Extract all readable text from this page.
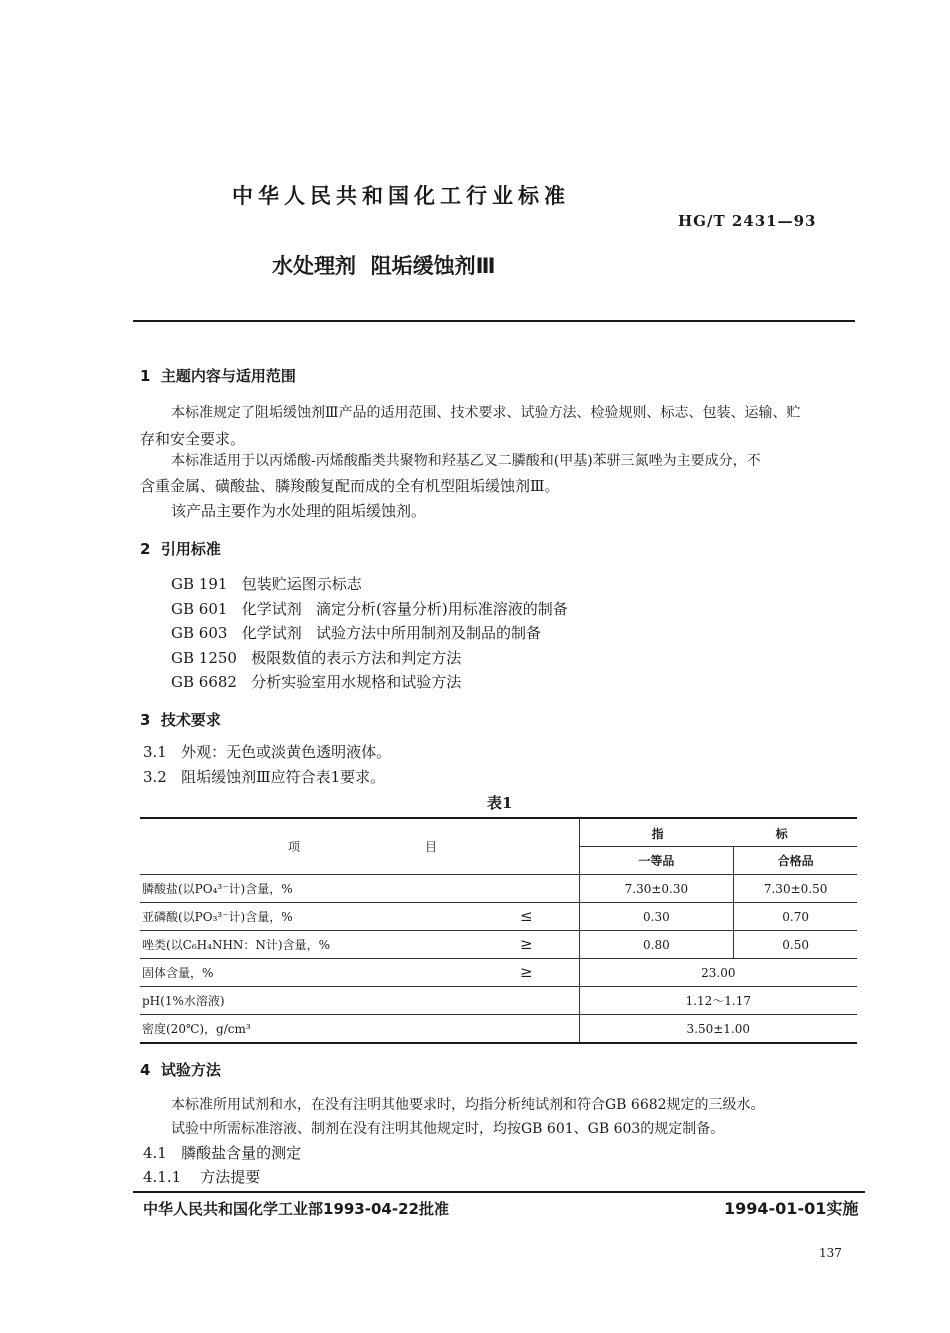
中华人民共和国化工行业标准
HG/T 2431—93
水处理剂  阻垢缓蚀剂Ⅲ
1  主题内容与适用范围
本标准规定了阻垢缓蚀剂Ⅲ产品的适用范围、技术要求、试验方法、检验规则、标志、包装、运输、贮
存和安全要求。
本标准适用于以丙烯酸-丙烯酸酯类共聚物和羟基乙叉二膦酸和(甲基)苯骈三氮唑为主要成分，不
含重金属、磺酸盐、膦羧酸复配而成的全有机型阻垢缓蚀剂Ⅲ。
该产品主要作为水处理的阻垢缓蚀剂。
2  引用标准
GB 191   包装贮运图示标志
GB 601   化学试剂   滴定分析(容量分析)用标准溶液的制备
GB 603   化学试剂   试验方法中所用制剂及制品的制备
GB 1250   极限数值的表示方法和判定方法
GB 6682   分析实验室用水规格和试验方法
3  技术要求
3.1   外观：无色或淡黄色透明液体。
3.2   阻垢缓蚀剂Ⅲ应符合表1要求。
表1
项 目	指 标	

	一等品	合格品
膦酸盐(以PO₄³⁻计)含量，%	7.30±0.30	7.30±0.50
亚磷酸(以PO₃³⁻计)含量，% ≤	0.30	0.70
唑类(以C₆H₄NHN：N计)含量，% ≥	0.80	0.50
固体含量，% ≥	23.00	
pH(1%水溶液)	1.12～1.17	
密度(20℃)，g/cm³	3.50±1.00	
4  试验方法
本标准所用试剂和水，在没有注明其他要求时，均指分析纯试剂和符合GB 6682规定的三级水。
试验中所需标准溶液、制剂在没有注明其他规定时，均按GB 601、GB 603的规定制备。
4.1   膦酸盐含量的测定
4.1.1    方法提要
中华人民共和国化学工业部1993-04-22批准	1994-01-01实施
137
